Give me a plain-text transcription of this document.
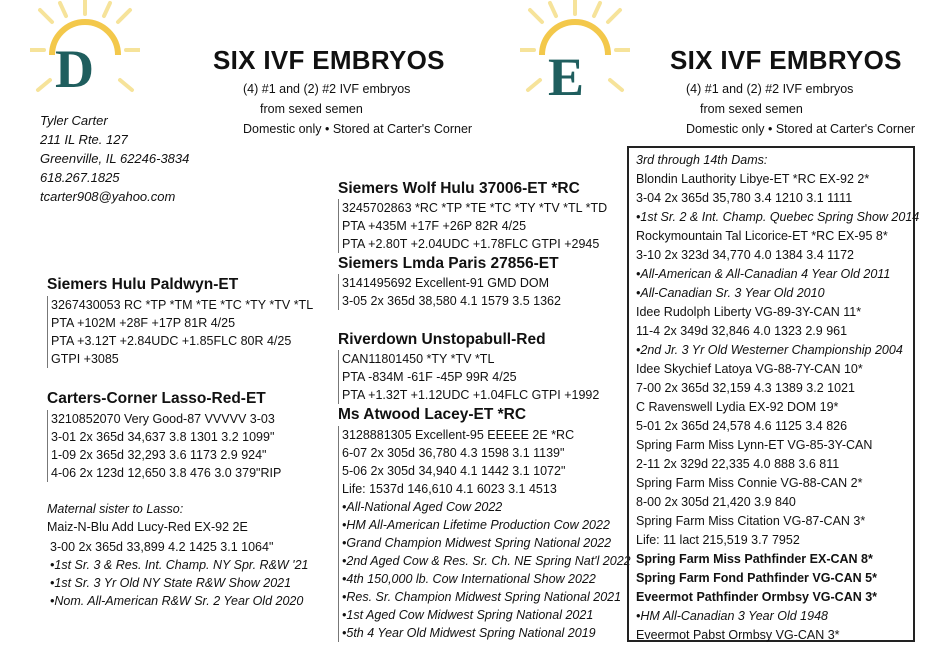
D	E
SIX IVF EMBRYOS
(4) #1 and (2) #2 IVF embryos
from sexed semen
Domestic only • Stored at Carter's Corner
Tyler Carter
211 IL Rte. 127
Greenville, IL 62246-3834
618.267.1825
tcarter908@yahoo.com
Siemers Hulu Paldwyn-ET
3267430053 RC *TP *TM *TE *TC *TY *TV *TL
PTA +102M +28F +17P 81R 4/25
PTA +3.12T +2.84UDC +1.85FLC 80R 4/25
GTPI +3085
Carters-Corner Lasso-Red-ET
3210852070 Very Good-87 VVVVV 3-03
3-01 2x 365d 34,637 3.8 1301 3.2 1099"
1-09 2x 365d 32,293 3.6 1173 2.9 924"
4-06 2x 123d 12,650 3.8 476 3.0 379"RIP
Maternal sister to Lasso:
Maiz-N-Blu Add Lucy-Red EX-92 2E
3-00 2x 365d 33,899 4.2 1425 3.1 1064"
•1st Sr. 3 & Res. Int. Champ. NY Spr. R&W '21
•1st Sr. 3 Yr Old NY State R&W Show 2021
•Nom. All-American R&W Sr. 2 Year Old 2020
Siemers Wolf Hulu 37006-ET *RC
3245702863 *RC *TP *TE *TC *TY *TV *TL *TD
PTA +435M +17F +26P 82R 4/25
PTA +2.80T +2.04UDC +1.78FLC GTPI +2945
Siemers Lmda Paris 27856-ET
3141495692 Excellent-91 GMD DOM
3-05 2x 365d 38,580 4.1 1579 3.5 1362
Riverdown Unstopabull-Red
CAN11801450 *TY *TV *TL
PTA -834M -61F -45P 99R 4/25
PTA +1.32T +1.12UDC +1.04FLC GTPI +1992
Ms Atwood Lacey-ET *RC
3128881305 Excellent-95 EEEEE 2E *RC
6-07 2x 305d 36,780 4.3 1598 3.1 1139"
5-06 2x 305d 34,940 4.1 1442 3.1 1072"
Life: 1537d 146,610 4.1 6023 3.1 4513
•All-National Aged Cow 2022
•HM All-American Lifetime Production Cow 2022
•Grand Champion Midwest Spring National 2022
•2nd Aged Cow & Res. Sr. Ch. NE Spring Nat'l 2022
•4th 150,000 lb. Cow International Show 2022
•Res. Sr. Champion Midwest Spring National 2021
•1st Aged Cow Midwest Spring National 2021
•5th 4 Year Old Midwest Spring National 2019
SIX IVF EMBRYOS
(4) #1 and (2) #2 IVF embryos
from sexed semen
Domestic only • Stored at Carter's Corner
3rd through 14th Dams:
Blondin Lauthority Libye-ET *RC EX-92 2*
3-04 2x 365d 35,780 3.4 1210 3.1 1111
•1st Sr. 2 & Int. Champ. Quebec Spring Show 2014
Rockymountain Tal Licorice-ET *RC EX-95 8*
3-10 2x 323d 34,770 4.0 1384 3.4 1172
•All-American & All-Canadian 4 Year Old 2011
•All-Canadian Sr. 3 Year Old 2010
Idee Rudolph Liberty VG-89-3Y-CAN 11*
11-4 2x 349d 32,846 4.0 1323 2.9 961
•2nd Jr. 3 Yr Old Westerner Championship 2004
Idee Skychief Latoya VG-88-7Y-CAN 10*
7-00 2x 365d 32,159 4.3 1389 3.2 1021
C Ravenswell Lydia EX-92 DOM 19*
5-01 2x 365d 24,578 4.6 1125 3.4 826
Spring Farm Miss Lynn-ET VG-85-3Y-CAN
2-11 2x 329d 22,335 4.0 888 3.6 811
Spring Farm Miss Connie VG-88-CAN 2*
8-00 2x 305d 21,420 3.9 840
Spring Farm Miss Citation VG-87-CAN 3*
Life: 11 lact 215,519 3.7 7952
Spring Farm Miss Pathfinder EX-CAN 8*
Spring Farm Fond Pathfinder VG-CAN 5*
Eveermot Pathfinder Ormbsy VG-CAN 3*
•HM All-Canadian 3 Year Old 1948
Eveermot Pabst Ormbsy VG-CAN 3*
